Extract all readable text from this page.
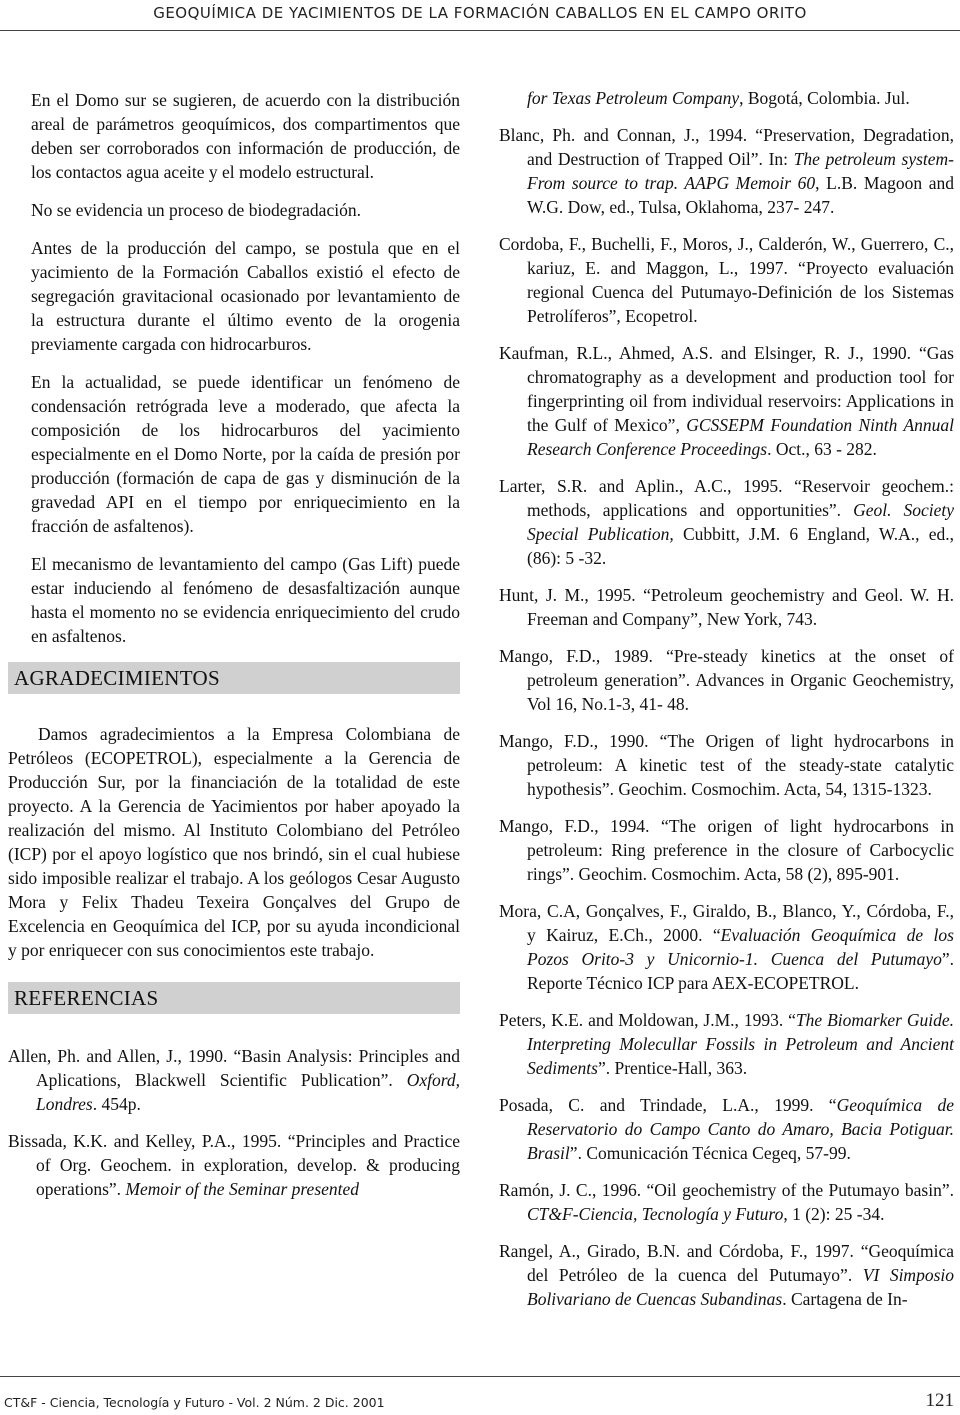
GEOQUÍMICA DE YACIMIENTOS DE LA FORMACIÓN CABALLOS EN EL CAMPO ORITO

En el Domo sur se sugieren, de acuerdo con la distribución areal de parámetros geoquímicos, dos compartimentos que deben ser corroborados con información de producción, de los contactos agua aceite y el modelo estructural.

No se evidencia un proceso de biodegradación.

Antes de la producción del campo, se postula que en el yacimiento de la Formación Caballos existió el efecto de segregación gravitacional ocasionado por levantamiento de la estructura durante el último evento de la orogenia previamente cargada con hidrocarburos.

En la actualidad, se puede identificar un fenómeno de condensación retrógrada leve a moderado, que afecta la composición de los hidrocarburos del yacimiento especialmente en el Domo Norte, por la caída de presión por producción (formación de capa de gas y disminución de la gravedad API en el tiempo por enriquecimiento en la fracción de asfaltenos).

El mecanismo de levantamiento del campo (Gas Lift) puede estar induciendo al fenómeno de desasfaltización aunque hasta el momento no se evidencia enriquecimiento del crudo en asfaltenos.

AGRADECIMIENTOS

Damos agradecimientos a la Empresa Colombiana de Petróleos (ECOPETROL), especialmente a la Gerencia de Producción Sur, por la financiación de la totalidad de este proyecto. A la Gerencia de Yacimientos por haber apoyado la realización del mismo. Al Instituto Colombiano del Petróleo (ICP) por el apoyo logístico que nos brindó, sin el cual hubiese sido imposible realizar el trabajo. A los geólogos Cesar Augusto Mora y Felix Thadeu Texeira Gonçalves del Grupo de Excelencia en Geoquímica del ICP, por su ayuda incondicional y por enriquecer con sus conocimientos este trabajo.

REFERENCIAS
Allen, Ph. and Allen, J., 1990. “Basin Analysis: Principles and Aplications, Blackwell Scientific Publication”. Oxford, Londres. 454p.
Bissada, K.K. and Kelley, P.A., 1995. “Principles and Practice of Org. Geochem. in exploration, develop. & producing operations”. Memoir of the Seminar presented
for Texas Petroleum Company, Bogotá, Colombia. Jul.
Blanc, Ph. and Connan, J., 1994. “Preservation, Degradation, and Destruction of Trapped Oil”. In: The petroleum system- From source to trap. AAPG Memoir 60, L.B. Magoon and W.G. Dow, ed., Tulsa, Oklahoma, 237- 247.
Cordoba, F., Buchelli, F., Moros, J., Calderón, W., Guerrero, C., kariuz, E. and Maggon, L., 1997. “Proyecto evaluación regional Cuenca del Putumayo-Definición de los Sistemas Petrolíferos”, Ecopetrol.
Kaufman, R.L., Ahmed, A.S. and Elsinger, R. J., 1990. “Gas chromatography as a development and production tool for fingerprinting oil from individual reservoirs: Applications in the Gulf of Mexico”, GCSSEPM Foundation Ninth Annual Research Conference Proceedings. Oct., 63 - 282.
Larter, S.R. and Aplin., A.C., 1995. “Reservoir geochem.: methods, applications and opportunities”. Geol. Society Special Publication, Cubbitt, J.M. 6 England, W.A., ed., (86): 5 -32.
Hunt, J. M., 1995. “Petroleum geochemistry and Geol. W. H. Freeman and Company”, New York, 743.
Mango, F.D., 1989. “Pre-steady kinetics at the onset of petroleum generation”. Advances in Organic Geochemistry, Vol 16, No.1-3, 41- 48.
Mango, F.D., 1990. “The Origen of light hydrocarbons in petroleum: A kinetic test of the steady-state catalytic hypothesis”. Geochim. Cosmochim. Acta, 54, 1315-1323.
Mango, F.D., 1994. “The origen of light hydrocarbons in petroleum: Ring preference in the closure of Carbocyclic rings”. Geochim. Cosmochim. Acta, 58 (2), 895-901.
Mora, C.A, Gonçalves, F., Giraldo, B., Blanco, Y., Córdoba, F., y Kairuz, E.Ch., 2000. “Evaluación Geoquímica de los Pozos Orito-3 y Unicornio-1. Cuenca del Putumayo”. Reporte Técnico ICP para AEX-ECOPETROL.
Peters, K.E. and Moldowan, J.M., 1993. “The Biomarker Guide. Interpreting Molecullar Fossils in Petroleum and Ancient Sediments”. Prentice-Hall, 363.
Posada, C. and Trindade, L.A., 1999. “Geoquímica de Reservatorio do Campo Canto do Amaro, Bacia Potiguar. Brasil”. Comunicación Técnica Cegeq, 57-99.
Ramón, J. C., 1996. “Oil geochemistry of the Putumayo basin”. CT&F-Ciencia, Tecnología y Futuro, 1 (2): 25 -34.
Rangel, A., Girado, B.N. and Córdoba, F., 1997. “Geoquímica del Petróleo de la cuenca del Putumayo”. VI Simposio Bolivariano de Cuencas Subandinas. Cartagena de In-
CT&F - Ciencia, Tecnología y Futuro - Vol. 2 Núm. 2 Dic. 2001	121
